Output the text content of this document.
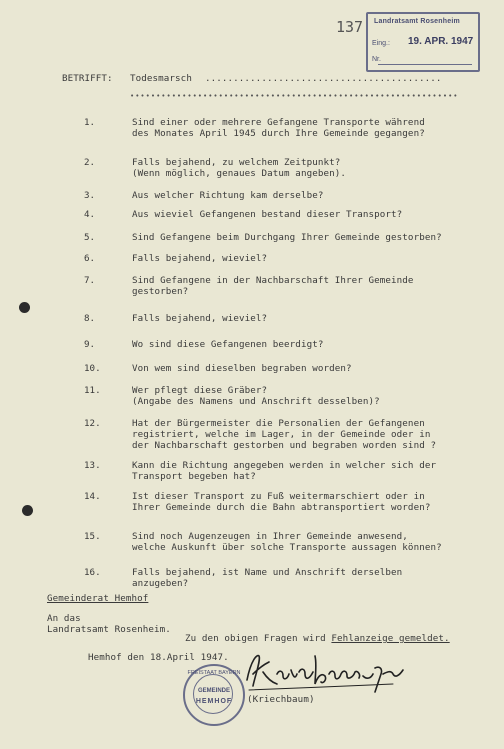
137 Landratsamt Rosenheim
Eing.: 19. APR. 1947
Nr.
BETRIFFT: Todesmarsch ..........................................
•••••••••••••••••••••••••••••••••••••••••••••••••••••••••••••••
1.	Sind einer oder mehrere Gefangene Transporte während
des Monates April 1945 durch Ihre Gemeinde gegangen?
2.	Falls bejahend, zu welchem Zeitpunkt?
(Wenn möglich, genaues Datum angeben).
3.	Aus welcher Richtung kam derselbe?
4.	Aus wieviel Gefangenen bestand dieser Transport?
5.	Sind Gefangene beim Durchgang Ihrer Gemeinde gestorben?
6.	Falls bejahend, wieviel?
7.	Sind Gefangene in der Nachbarschaft Ihrer Gemeinde
gestorben?
8.	Falls bejahend, wieviel?
9.	Wo sind diese Gefangenen beerdigt?
10.	Von wem sind dieselben begraben worden?
11.	Wer pflegt diese Gräber?
(Angabe des Namens und Anschrift desselben)?
12.	Hat der Bürgermeister die Personalien der Gefangenen
registriert, welche im Lager, in der Gemeinde oder in
der Nachbarschaft gestorben und begraben worden sind ?
13.	Kann die Richtung angegeben werden in welcher sich der
Transport begeben hat?
14.	Ist dieser Transport zu Fuß weitermarschiert oder in
Ihrer Gemeinde durch die Bahn abtransportiert worden?
15.	Sind noch Augenzeugen in Ihrer Gemeinde anwesend,
welche Auskunft über solche Transporte aussagen können?
16.	Falls bejahend, ist Name und Anschrift derselben
anzugeben?
Gemeinderat Hemhof
An das
Landratsamt Rosenheim.
Zu den obigen Fragen wird Fehlanzeige gemeldet.
Hemhof den 18.April 1947.
FREISTAAT BAYERN
GEMEINDE
HEMHOF	(Kriechbaum)
